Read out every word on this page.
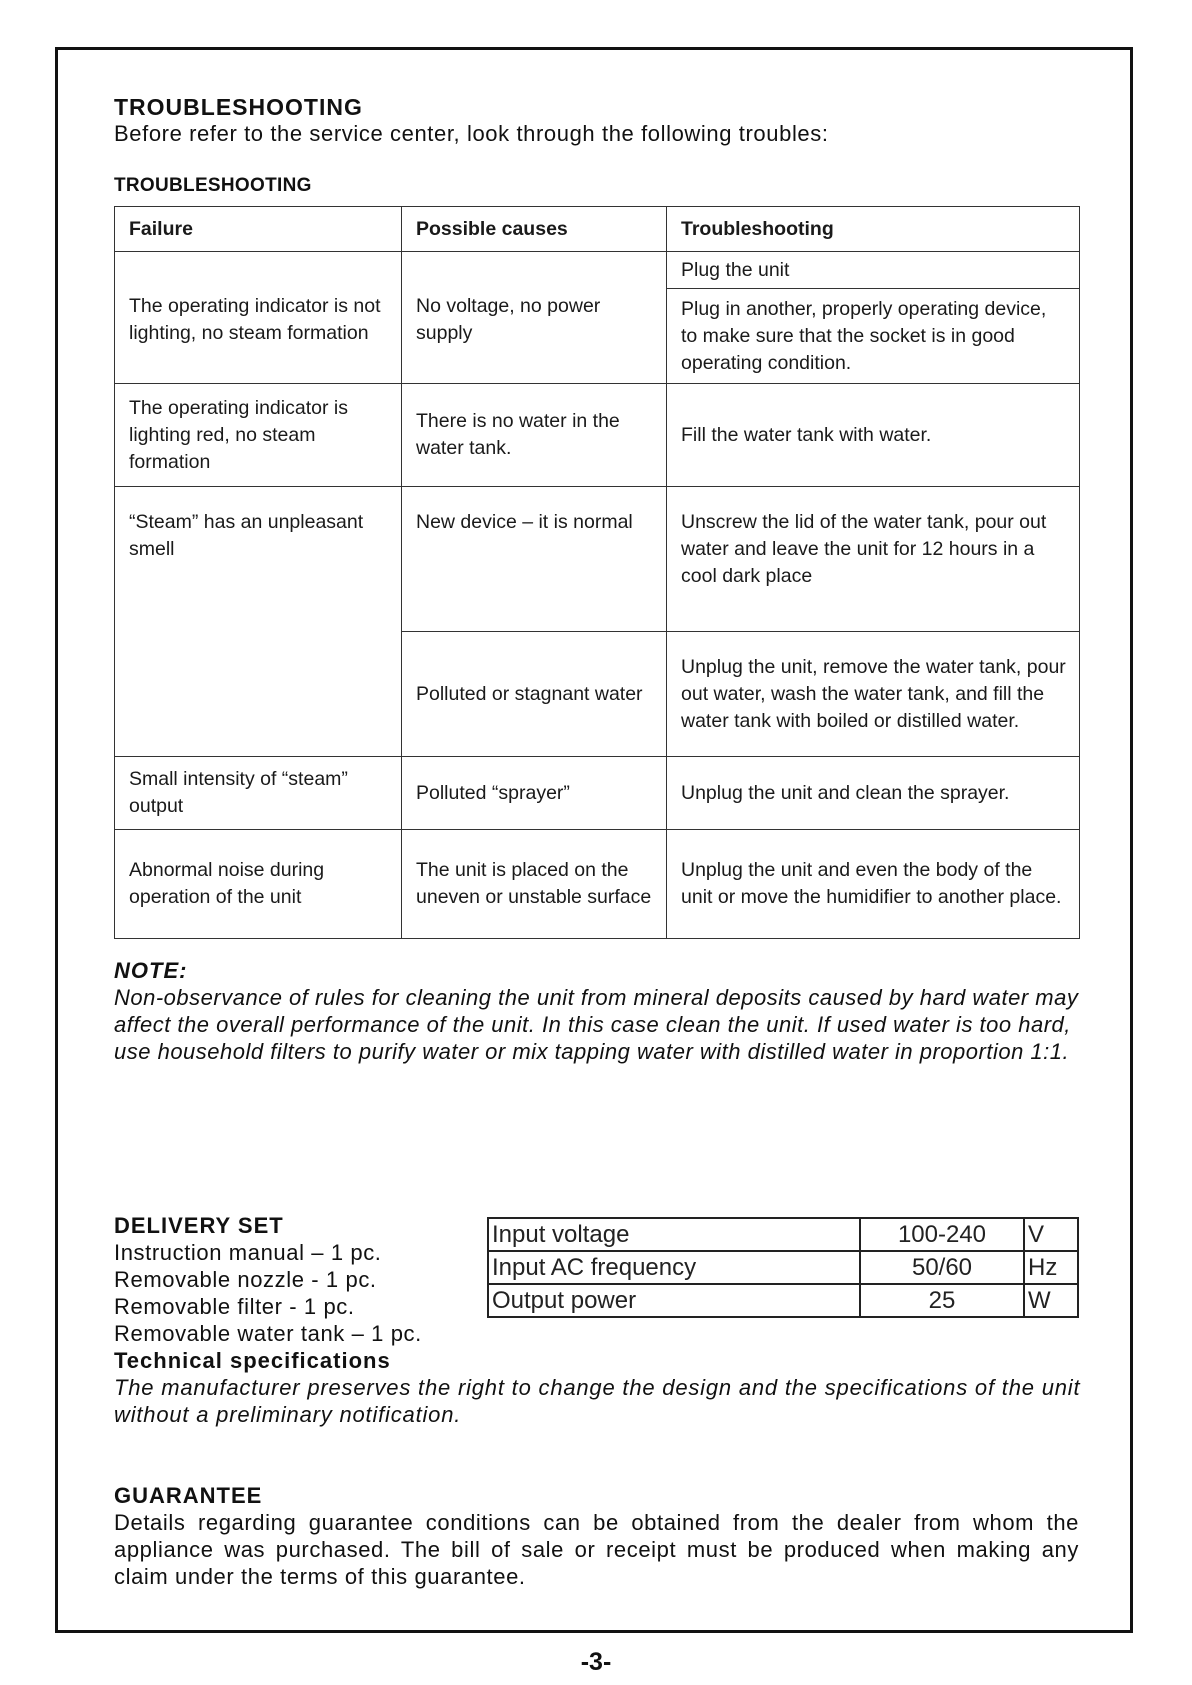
TROUBLESHOOTING
Before refer to the service center, look through the following troubles:
TROUBLESHOOTING
Failure	Possible causes	Troubleshooting
The operating indicator is not lighting, no steam formation	No voltage, no power supply	Plug the unit
		Plug in another, properly operating device, to make sure that the socket is in good operating condition.
The operating indicator is lighting red, no steam formation	There is no water in the water tank.	Fill the water tank with water.
“Steam” has an unpleasant smell	New device – it is normal	Unscrew the lid of the water tank, pour out water and leave the unit for 12 hours in a cool dark place
	Polluted or stagnant water	Unplug the unit, remove the water tank, pour out water, wash the water tank, and fill the water tank with boiled or distilled water.
Small intensity of “steam” output	Polluted “sprayer”	Unplug the unit and clean the sprayer.
Abnormal noise during operation of the unit	The unit is placed on the uneven or unstable surface	Unplug the unit and even the body of the unit or move the humidifier to another place.
NOTE:
Non-observance of rules for cleaning the unit from mineral deposits caused by hard water may affect the overall performance of the unit. In this case clean the unit. If used water is too hard, use household filters to purify water or mix tapping water with distilled water in proportion 1:1.
DELIVERY SET
Instruction manual – 1 pc.
Removable nozzle - 1 pc.
Removable filter - 1 pc.
Removable water tank – 1 pc.
Technical specifications
The manufacturer preserves the right to change the design and the specifications of the unit without a preliminary notification.
Input voltage	100-240	V
Input AC frequency	50/60	Hz
Output power	25	W
GUARANTEE
Details regarding guarantee conditions can be obtained from the dealer from whom the appliance was purchased. The bill of sale or receipt must be produced when making any claim under the terms of this guarantee.
-3-
